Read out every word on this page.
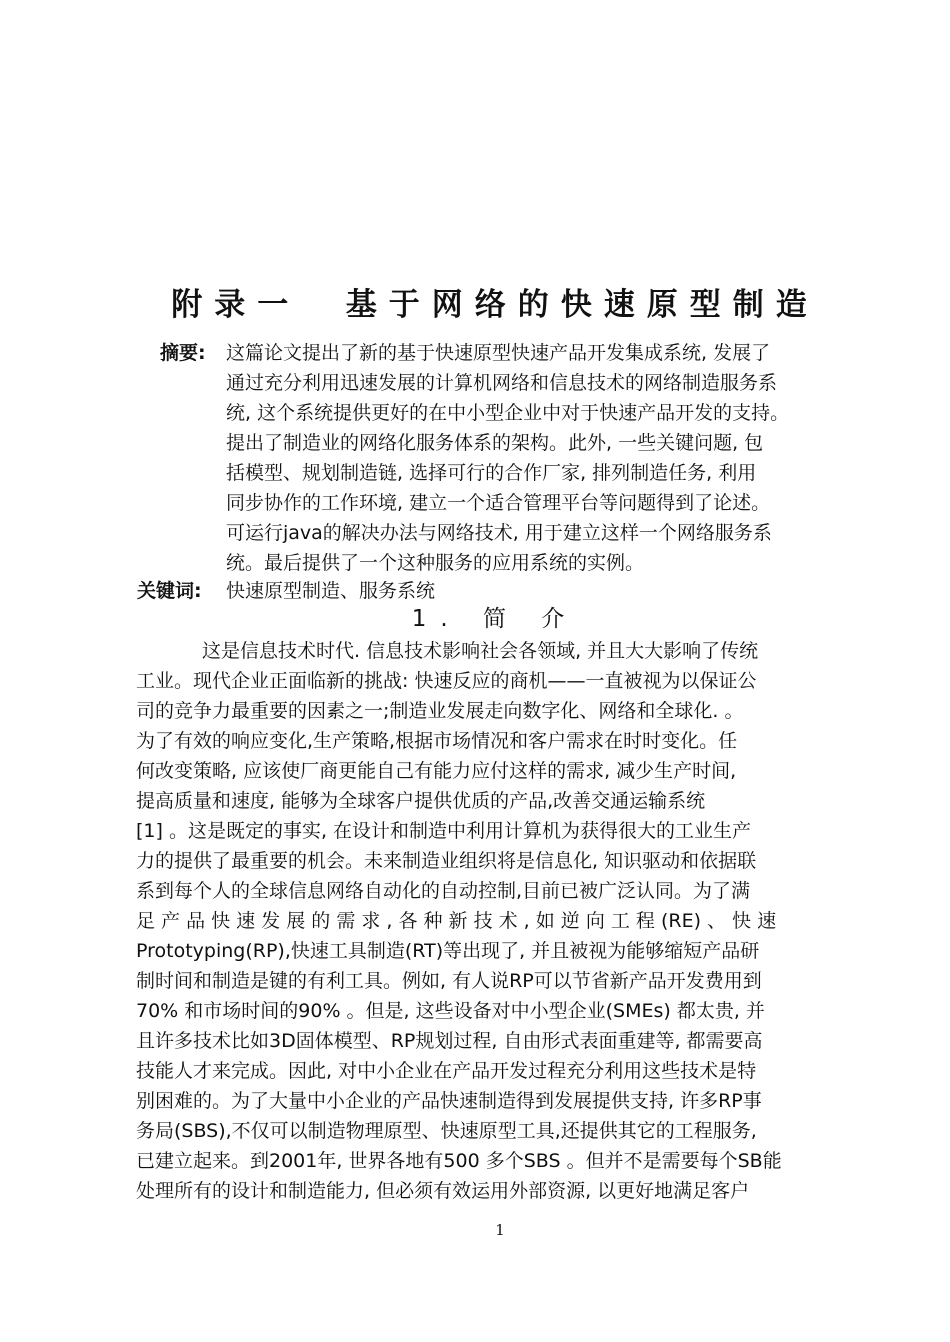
附录一  基于网络的快速原型制造
摘要: 这篇论文提出了新的基于快速原型快速产品开发集成系统, 发展了
通过充分利用迅速发展的计算机网络和信息技术的网络制造服务系
统, 这个系统提供更好的在中小型企业中对于快速产品开发的支持。
提出了制造业的网络化服务体系的架构。此外, 一些关键问题, 包
括模型、规划制造链, 选择可行的合作厂家, 排列制造任务, 利用
同步协作的工作环境, 建立一个适合管理平台等问题得到了论述。
可运行java的解决办法与网络技术, 用于建立这样一个网络服务系
统。最后提供了一个这种服务的应用系统的实例。
关键词: 快速原型制造、服务系统
1. 简 介
这是信息技术时代. 信息技术影响社会各领域, 并且大大影响了传统
工业。现代企业正面临新的挑战: 快速反应的商机——一直被视为以保证公
司的竞争力最重要的因素之一;制造业发展走向数字化、网络和全球化. 。
为了有效的响应变化,生产策略,根据市场情况和客户需求在时时变化。任
何改变策略, 应该使厂商更能自己有能力应付这样的需求, 减少生产时间,
提高质量和速度, 能够为全球客户提供优质的产品,改善交通运输系统
[1] 。这是既定的事实, 在设计和制造中利用计算机为获得很大的工业生产
力的提供了最重要的机会。未来制造业组织将是信息化, 知识驱动和依据联
系到每个人的全球信息网络自动化的自动控制,目前已被广泛认同。为了满
足 产 品 快 速 发 展 的 需 求 , 各 种 新 技 术 , 如 逆 向 工 程 (RE) 、 快 速
Prototyping(RP),快速工具制造(RT)等出现了, 并且被视为能够缩短产品研
制时间和制造是键的有利工具。例如, 有人说RP可以节省新产品开发费用到
70% 和市场时间的90% 。但是, 这些设备对中小型企业(SMEs) 都太贵, 并
且许多技术比如3D固体模型、RP规划过程, 自由形式表面重建等, 都需要高
技能人才来完成。因此, 对中小企业在产品开发过程充分利用这些技术是特
别困难的。为了大量中小企业的产品快速制造得到发展提供支持, 许多RP事
务局(SBS),不仅可以制造物理原型、快速原型工具,还提供其它的工程服务,
已建立起来。到2001年, 世界各地有500 多个SBS 。但并不是需要每个SB能
处理所有的设计和制造能力, 但必须有效运用外部资源, 以更好地满足客户
1
